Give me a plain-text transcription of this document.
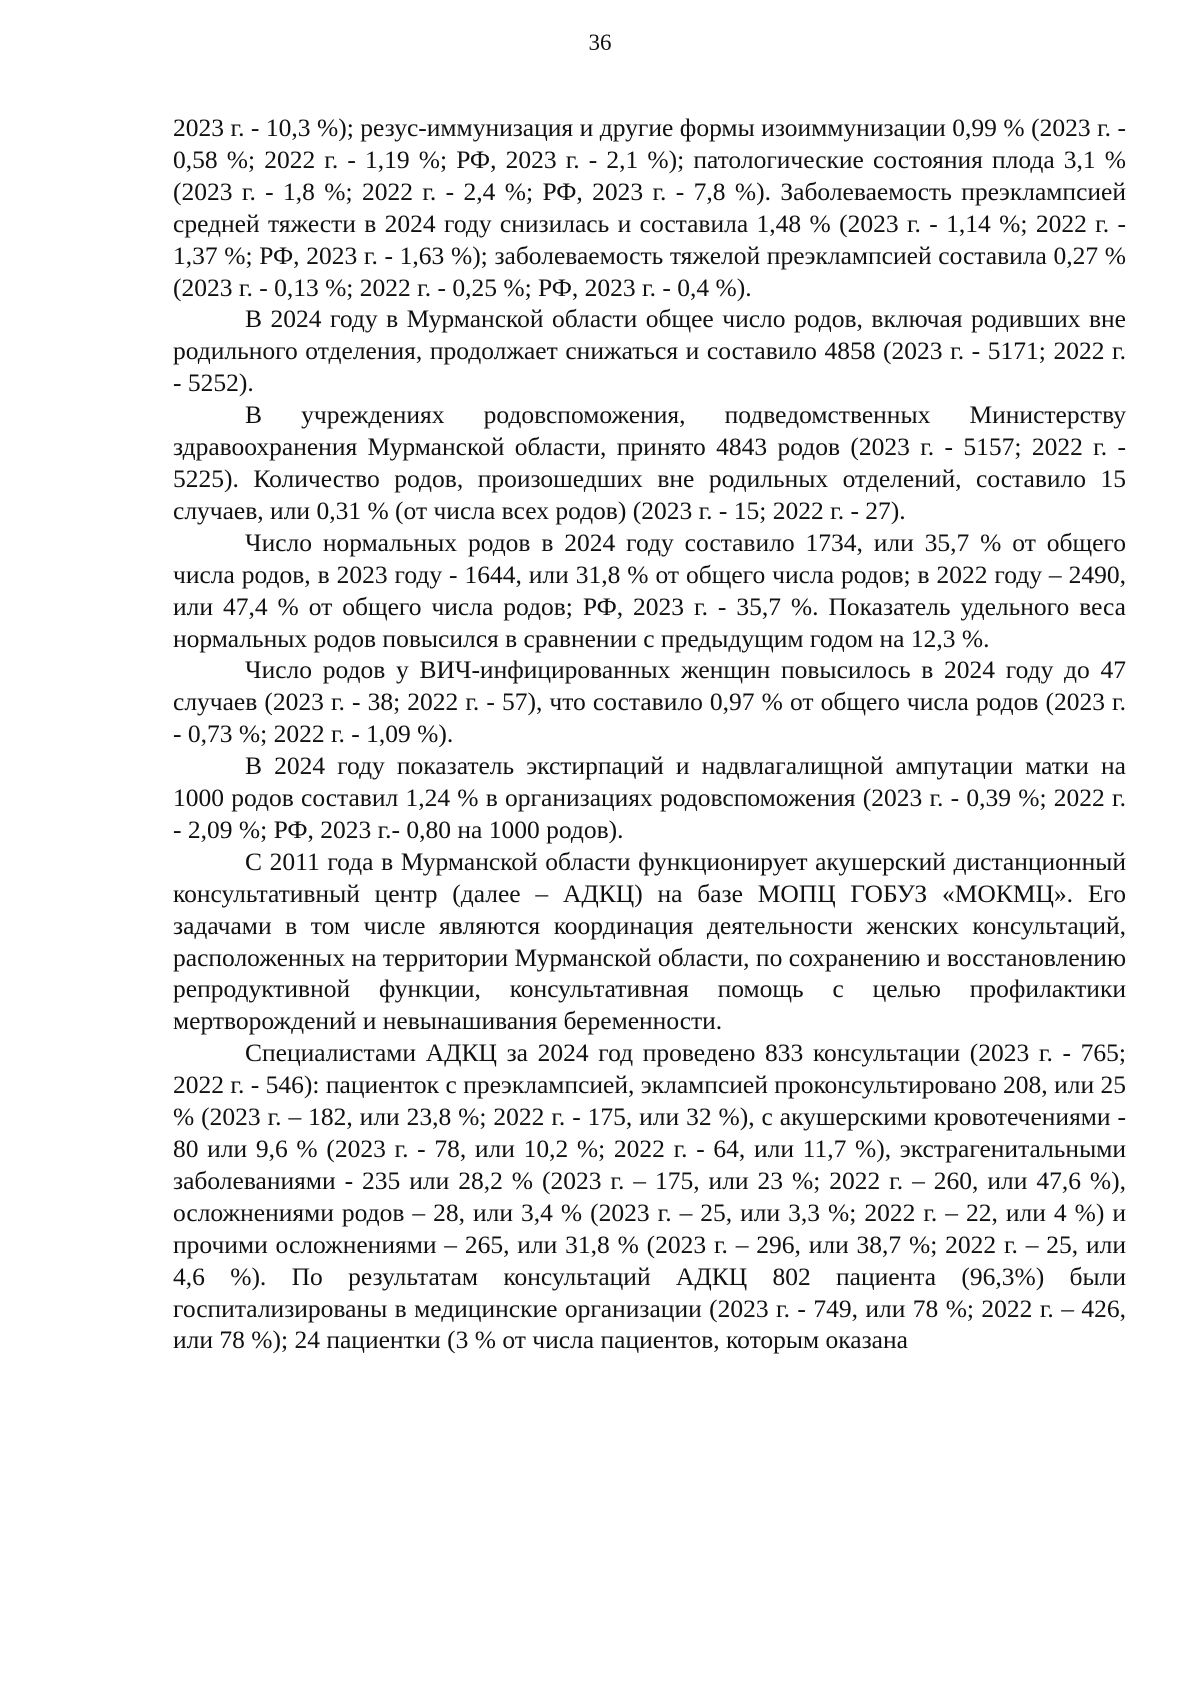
36

2023 г. - 10,3 %); резус-иммунизация и другие формы изоиммунизации 0,99 % (2023 г. - 0,58 %; 2022 г. - 1,19 %; РФ, 2023 г. - 2,1 %); патологические состояния плода 3,1 % (2023 г. - 1,8 %; 2022 г. - 2,4 %; РФ, 2023 г. - 7,8 %). Заболеваемость преэклампсией средней тяжести в 2024 году снизилась и составила 1,48 % (2023 г. - 1,14 %; 2022 г. - 1,37 %; РФ, 2023 г. - 1,63 %); заболеваемость тяжелой преэклампсией составила 0,27 % (2023 г. - 0,13 %; 2022 г. - 0,25 %; РФ, 2023 г. - 0,4 %).

В 2024 году в Мурманской области общее число родов, включая родивших вне родильного отделения, продолжает снижаться и составило 4858 (2023 г. - 5171; 2022 г. - 5252).

В учреждениях родовспоможения, подведомственных Министерству здравоохранения Мурманской области, принято 4843 родов (2023 г. - 5157; 2022 г. - 5225). Количество родов, произошедших вне родильных отделений, составило 15 случаев, или 0,31 % (от числа всех родов) (2023 г. - 15; 2022 г. - 27).

Число нормальных родов в 2024 году составило 1734, или 35,7 % от общего числа родов, в 2023 году - 1644, или 31,8 % от общего числа родов; в 2022 году – 2490, или 47,4 % от общего числа родов; РФ, 2023 г. - 35,7 %. Показатель удельного веса нормальных родов повысился в сравнении с предыдущим годом на 12,3 %.

Число родов у ВИЧ-инфицированных женщин повысилось в 2024 году до 47 случаев (2023 г. - 38; 2022 г. - 57), что составило 0,97 % от общего числа родов (2023 г. - 0,73 %; 2022 г. - 1,09 %).

В 2024 году показатель экстирпаций и надвлагалищной ампутации матки на 1000 родов составил 1,24 % в организациях родовспоможения (2023 г. - 0,39 %; 2022 г. - 2,09 %; РФ, 2023 г.- 0,80 на 1000 родов).

С 2011 года в Мурманской области функционирует акушерский дистанционный консультативный центр (далее – АДКЦ) на базе МОПЦ ГОБУЗ «МОКМЦ». Его задачами в том числе являются координация деятельности женских консультаций, расположенных на территории Мурманской области, по сохранению и восстановлению репродуктивной функции, консультативная помощь с целью профилактики мертворождений и невынашивания беременности.

Специалистами АДКЦ за 2024 год проведено 833 консультации (2023 г. - 765; 2022 г. - 546): пациенток с преэклампсией, эклампсией проконсультировано 208, или 25 % (2023 г. – 182, или 23,8 %; 2022 г. - 175, или 32 %), с акушерскими кровотечениями - 80 или 9,6 % (2023 г. - 78, или 10,2 %; 2022 г. - 64, или 11,7 %), экстрагенитальными заболеваниями - 235 или 28,2 % (2023 г. – 175, или 23 %; 2022 г. – 260, или 47,6 %), осложнениями родов – 28, или 3,4 % (2023 г. – 25, или 3,3 %; 2022 г. – 22, или 4 %) и прочими осложнениями – 265, или 31,8 % (2023 г. – 296, или 38,7 %; 2022 г. – 25, или 4,6 %). По результатам консультаций АДКЦ 802 пациента (96,3%) были госпитализированы в медицинские организации (2023 г. - 749, или 78 %; 2022 г. – 426, или 78 %); 24 пациентки (3 % от числа пациентов, которым оказана
